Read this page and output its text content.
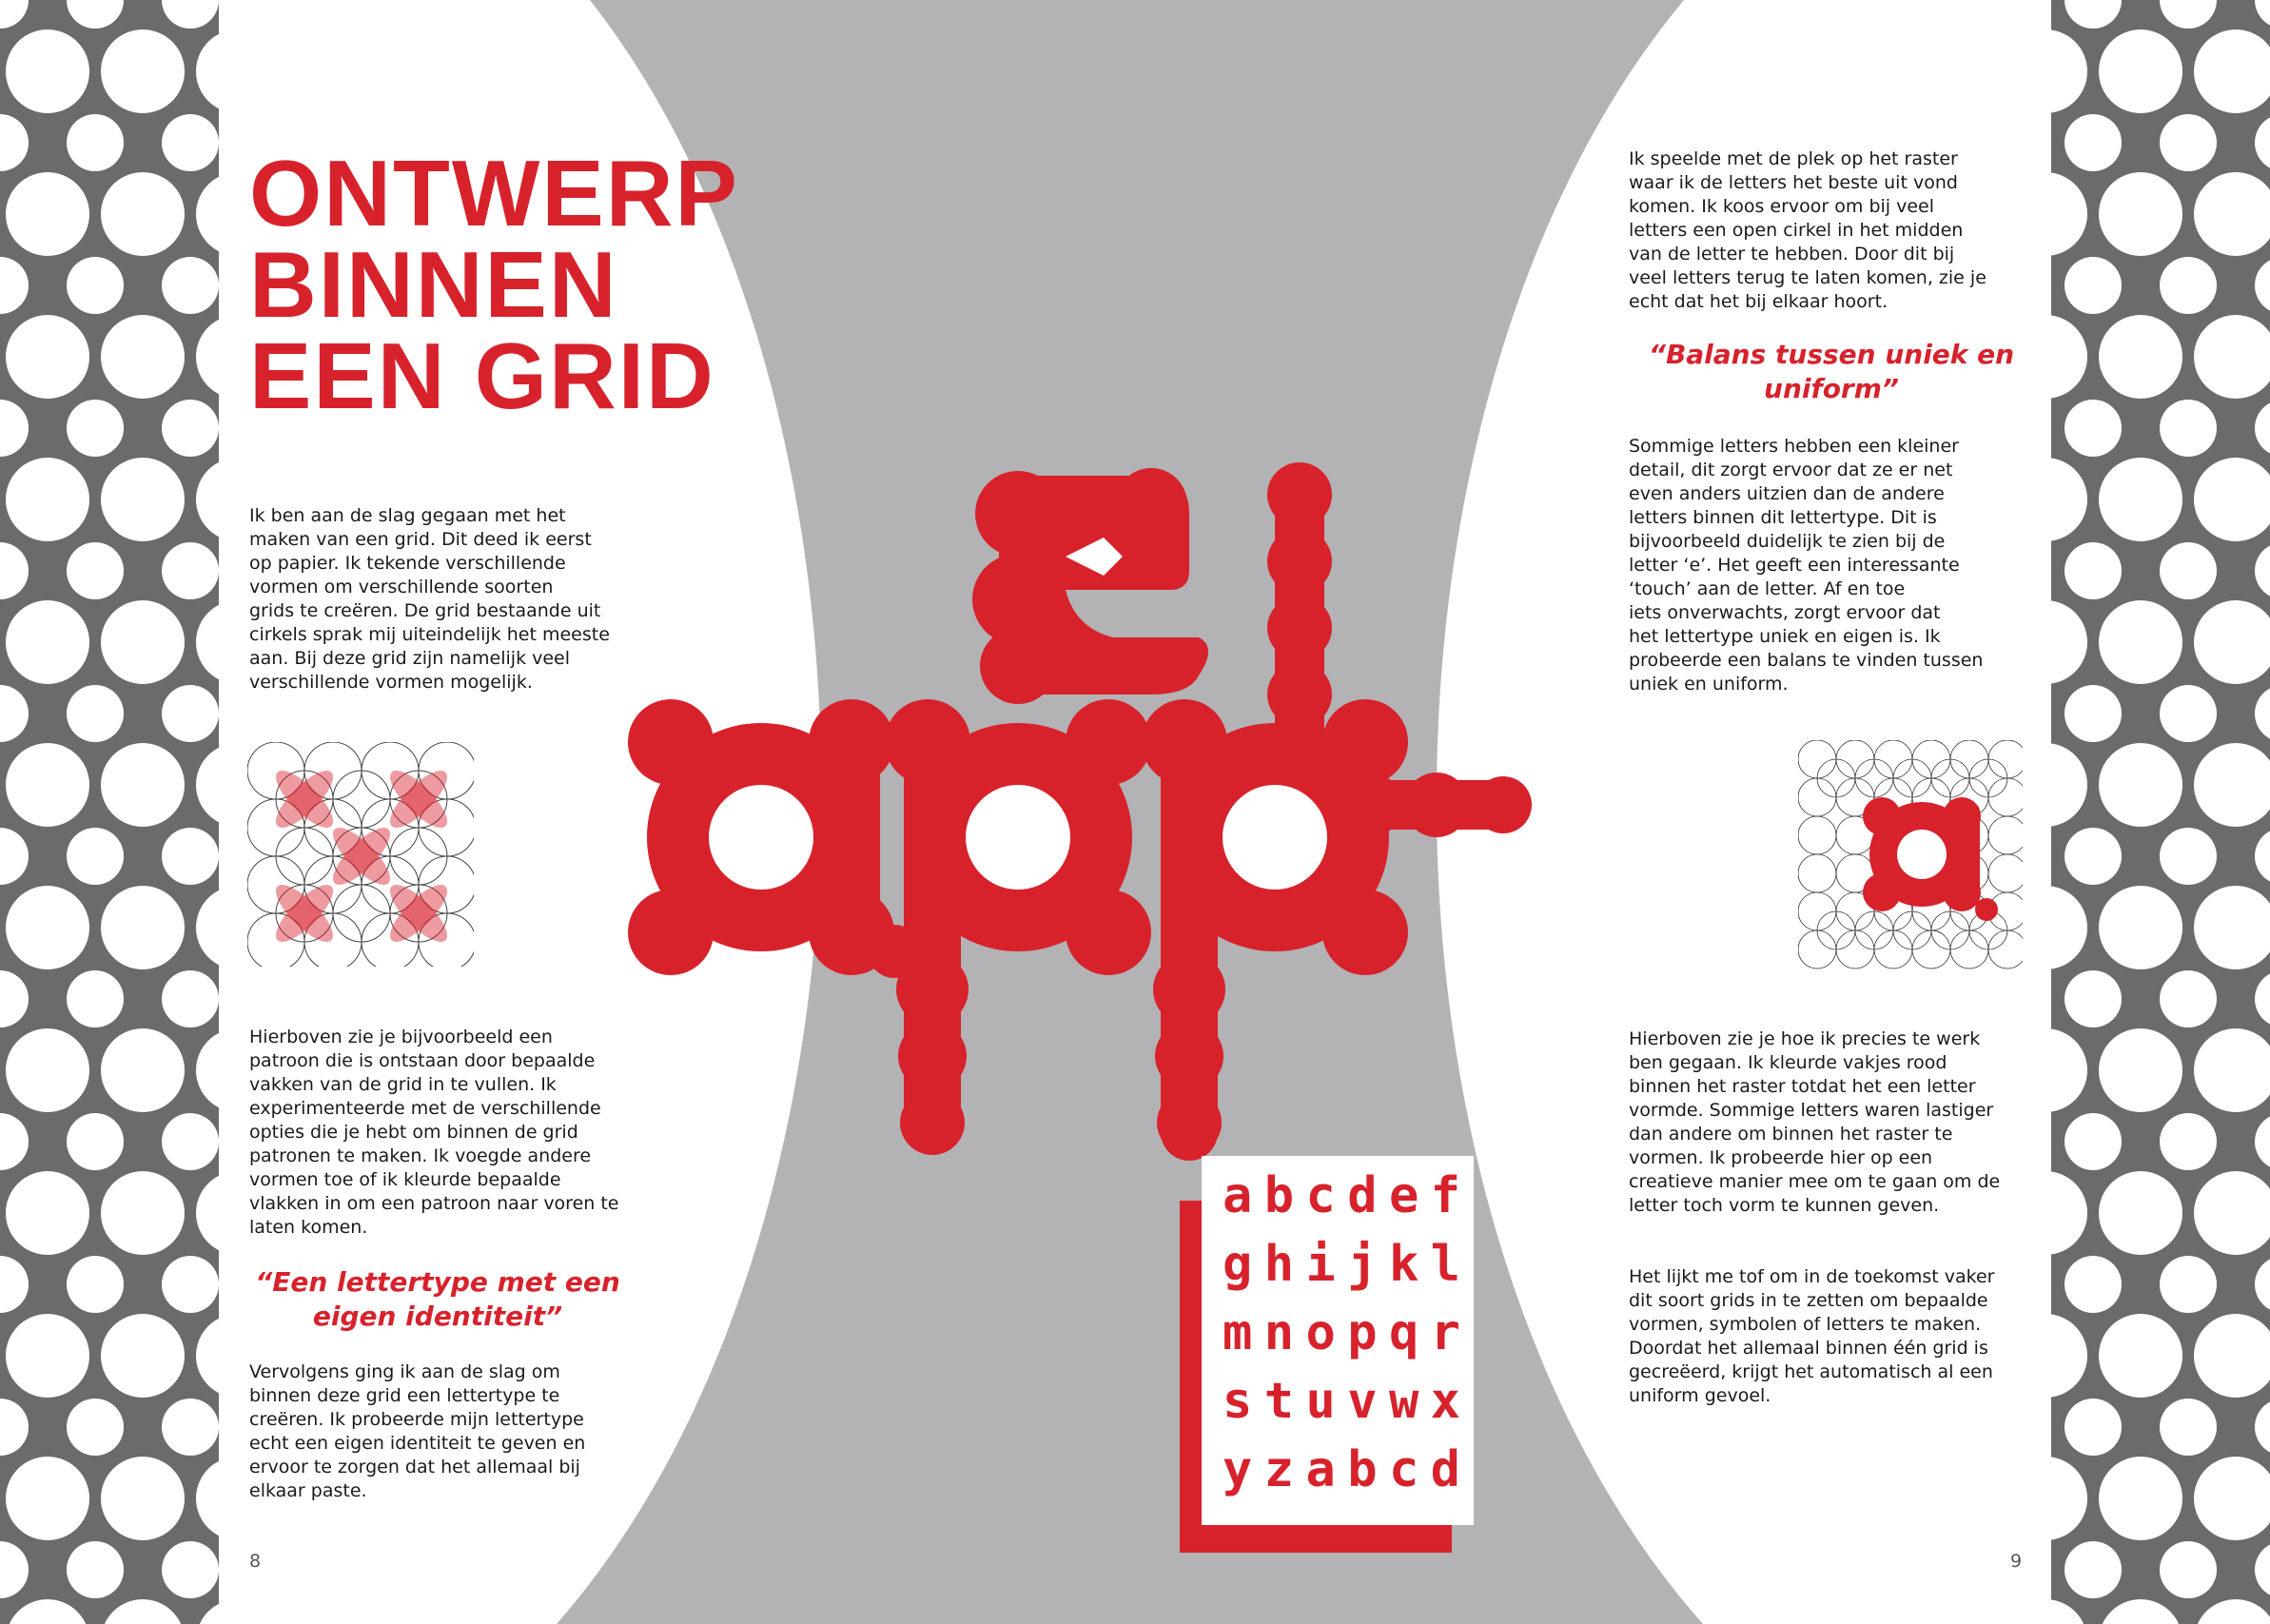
ONTWERP
BINNEN
EEN GRID

Ik ben aan de slag gegaan met het
maken van een grid. Dit deed ik eerst
op papier. Ik tekende verschillende
vormen om verschillende soorten
grids te creëren. De grid bestaande uit
cirkels sprak mij uiteindelijk het meeste
aan. Bij deze grid zijn namelijk veel
verschillende vormen mogelijk.

Hierboven zie je bijvoorbeeld een
patroon die is ontstaan door bepaalde
vakken van de grid in te vullen. Ik
experimenteerde met de verschillende
opties die je hebt om binnen de grid
patronen te maken. Ik voegde andere
vormen toe of ik kleurde bepaalde
vlakken in om een patroon naar voren te
laten komen.

“Een lettertype met een eigen identiteit”

Vervolgens ging ik aan de slag om
binnen deze grid een lettertype te
creëren. Ik probeerde mijn lettertype
echt een eigen identiteit te geven en
ervoor te zorgen dat het allemaal bij
elkaar paste.

8
a b c d e f
g h i j k l
m n o p q r
s t u v w x
y z a b c d

Ik speelde met de plek op het raster
waar ik de letters het beste uit vond
komen. Ik koos ervoor om bij veel
letters een open cirkel in het midden
van de letter te hebben. Door dit bij
veel letters terug te laten komen, zie je
echt dat het bij elkaar hoort.

“Balans tussen uniek en uniform”

Sommige letters hebben een kleiner
detail, dit zorgt ervoor dat ze er net
even anders uitzien dan de andere
letters binnen dit lettertype. Dit is
bijvoorbeeld duidelijk te zien bij de
letter ‘e’. Het geeft een interessante
‘touch’ aan de letter. Af en toe
iets onverwachts, zorgt ervoor dat
het lettertype uniek en eigen is. Ik
probeerde een balans te vinden tussen
uniek en uniform.

Hierboven zie je hoe ik precies te werk
ben gegaan. Ik kleurde vakjes rood
binnen het raster totdat het een letter
vormde. Sommige letters waren lastiger
dan andere om binnen het raster te
vormen. Ik probeerde hier op een
creatieve manier mee om te gaan om de
letter toch vorm te kunnen geven.

Het lijkt me tof om in de toekomst vaker
dit soort grids in te zetten om bepaalde
vormen, symbolen of letters te maken.
Doordat het allemaal binnen één grid is
gecreëerd, krijgt het automatisch al een
uniform gevoel.

9
